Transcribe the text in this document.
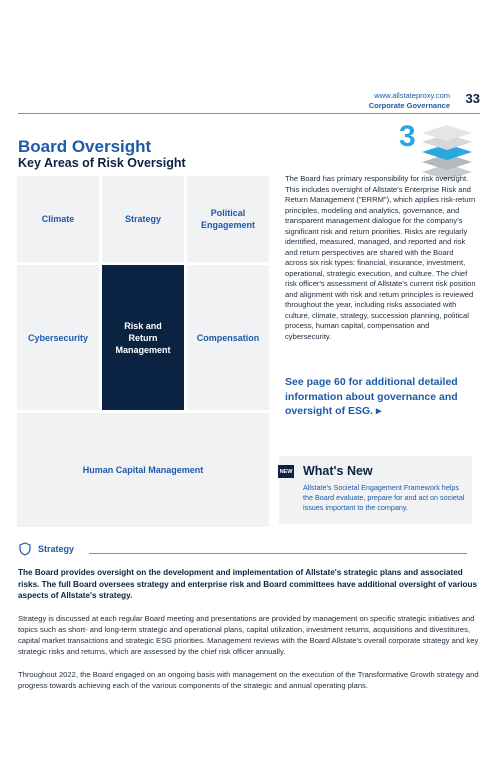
www.allstateproxy.com
Corporate Governance 33
3
Board Oversight
Key Areas of Risk Oversight
Climate	Strategy
Political Engagement
Cybersecurity
Risk and Return Management
Compensation
Human Capital Management
The Board has primary responsibility for risk oversight. This includes oversight of Allstate's Enterprise Risk and Return Management ("ERRM"), which applies risk-return principles, modeling and analytics, governance, and transparent management dialogue for the company's significant risk and return priorities. Risks are regularly identified, measured, managed, and reported and risk and return perspectives are shared with the Board across six risk types: financial, insurance, investment, operational, strategic execution, and culture. The chief risk officer's assessment of Allstate's current risk position and alignment with risk and return principles is reviewed throughout the year, including risks associated with culture, climate, strategy, succession planning, political process, human capital, compensation and cybersecurity.
See page 60 for additional detailed information about governance and oversight of ESG. ▸
NEW What's New
Allstate's Societal Engagement Framework helps the Board evaluate, prepare for and act on societal issues important to the company.
Strategy
The Board provides oversight on the development and implementation of Allstate's strategic plans and associated risks. The full Board oversees strategy and enterprise risk and Board committees have additional oversight of various aspects of Allstate's strategy.
Strategy is discussed at each regular Board meeting and presentations are provided by management on specific strategic initiatives and topics such as short- and long-term strategic and operational plans, capital utilization, investment returns, acquisitions and divestitures, capital market transactions and strategic ESG priorities. Management reviews with the Board Allstate's overall corporate strategy and key strategic risks and returns, which are assessed by the chief risk officer annually.
Throughout 2022, the Board engaged on an ongoing basis with management on the execution of the Transformative Growth strategy and progress towards achieving each of the various components of the strategic and annual operating plans.
